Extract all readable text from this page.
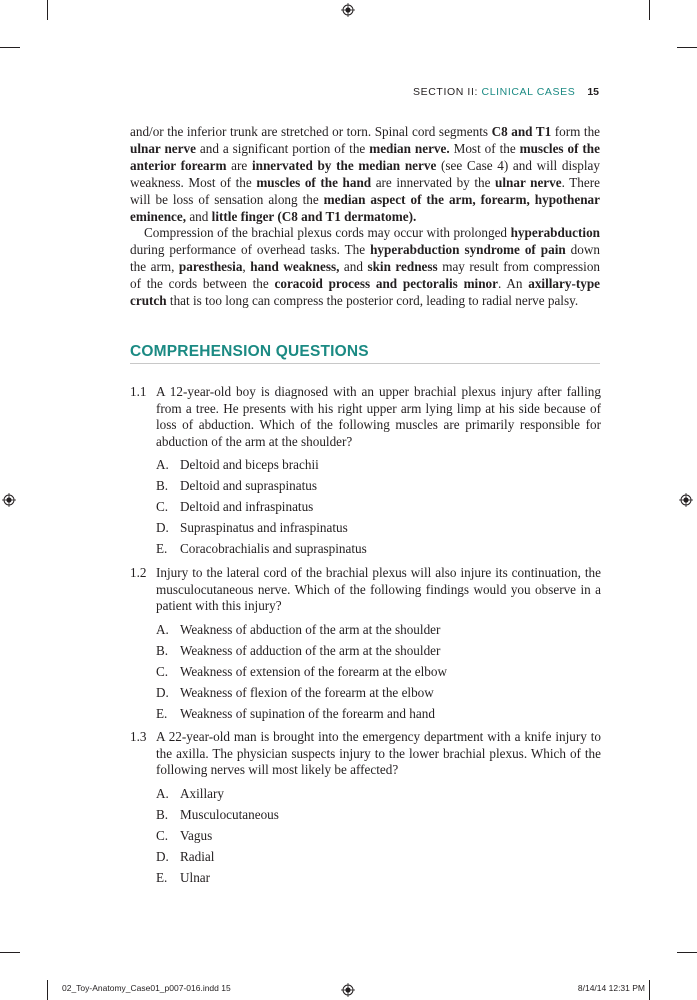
SECTION II: CLINICAL CASES 15

and/or the inferior trunk are stretched or torn. Spinal cord segments C8 and T1 form the ulnar nerve and a significant portion of the median nerve. Most of the muscles of the anterior forearm are innervated by the median nerve (see Case 4) and will display weakness. Most of the muscles of the hand are innervated by the ulnar nerve. There will be loss of sensation along the median aspect of the arm, forearm, hypothenar eminence, and little finger (C8 and T1 dermatome).

Compression of the brachial plexus cords may occur with prolonged hyperabduction during performance of overhead tasks. The hyperabduction syndrome of pain down the arm, paresthesia, hand weakness, and skin redness may result from compression of the cords between the coracoid process and pectoralis minor. An axillary-type crutch that is too long can compress the posterior cord, leading to radial nerve palsy.

COMPREHENSION QUESTIONS
1.1 A 12-year-old boy is diagnosed with an upper brachial plexus injury after falling from a tree. He presents with his right upper arm lying limp at his side because of loss of abduction. Which of the following muscles are primarily responsible for abduction of the arm at the shoulder?
A. Deltoid and biceps brachii
B. Deltoid and supraspinatus
C. Deltoid and infraspinatus
D. Supraspinatus and infraspinatus
E. Coracobrachialis and supraspinatus
1.2 Injury to the lateral cord of the brachial plexus will also injure its continuation, the musculocutaneous nerve. Which of the following findings would you observe in a patient with this injury?
A. Weakness of abduction of the arm at the shoulder
B. Weakness of adduction of the arm at the shoulder
C. Weakness of extension of the forearm at the elbow
D. Weakness of flexion of the forearm at the elbow
E. Weakness of supination of the forearm and hand
1.3 A 22-year-old man is brought into the emergency department with a knife injury to the axilla. The physician suspects injury to the lower brachial plexus. Which of the following nerves will most likely be affected?
A. Axillary
B. Musculocutaneous
C. Vagus
D. Radial
E. Ulnar
02_Toy-Anatomy_Case01_p007-016.indd 15	8/14/14 12:31 PM
